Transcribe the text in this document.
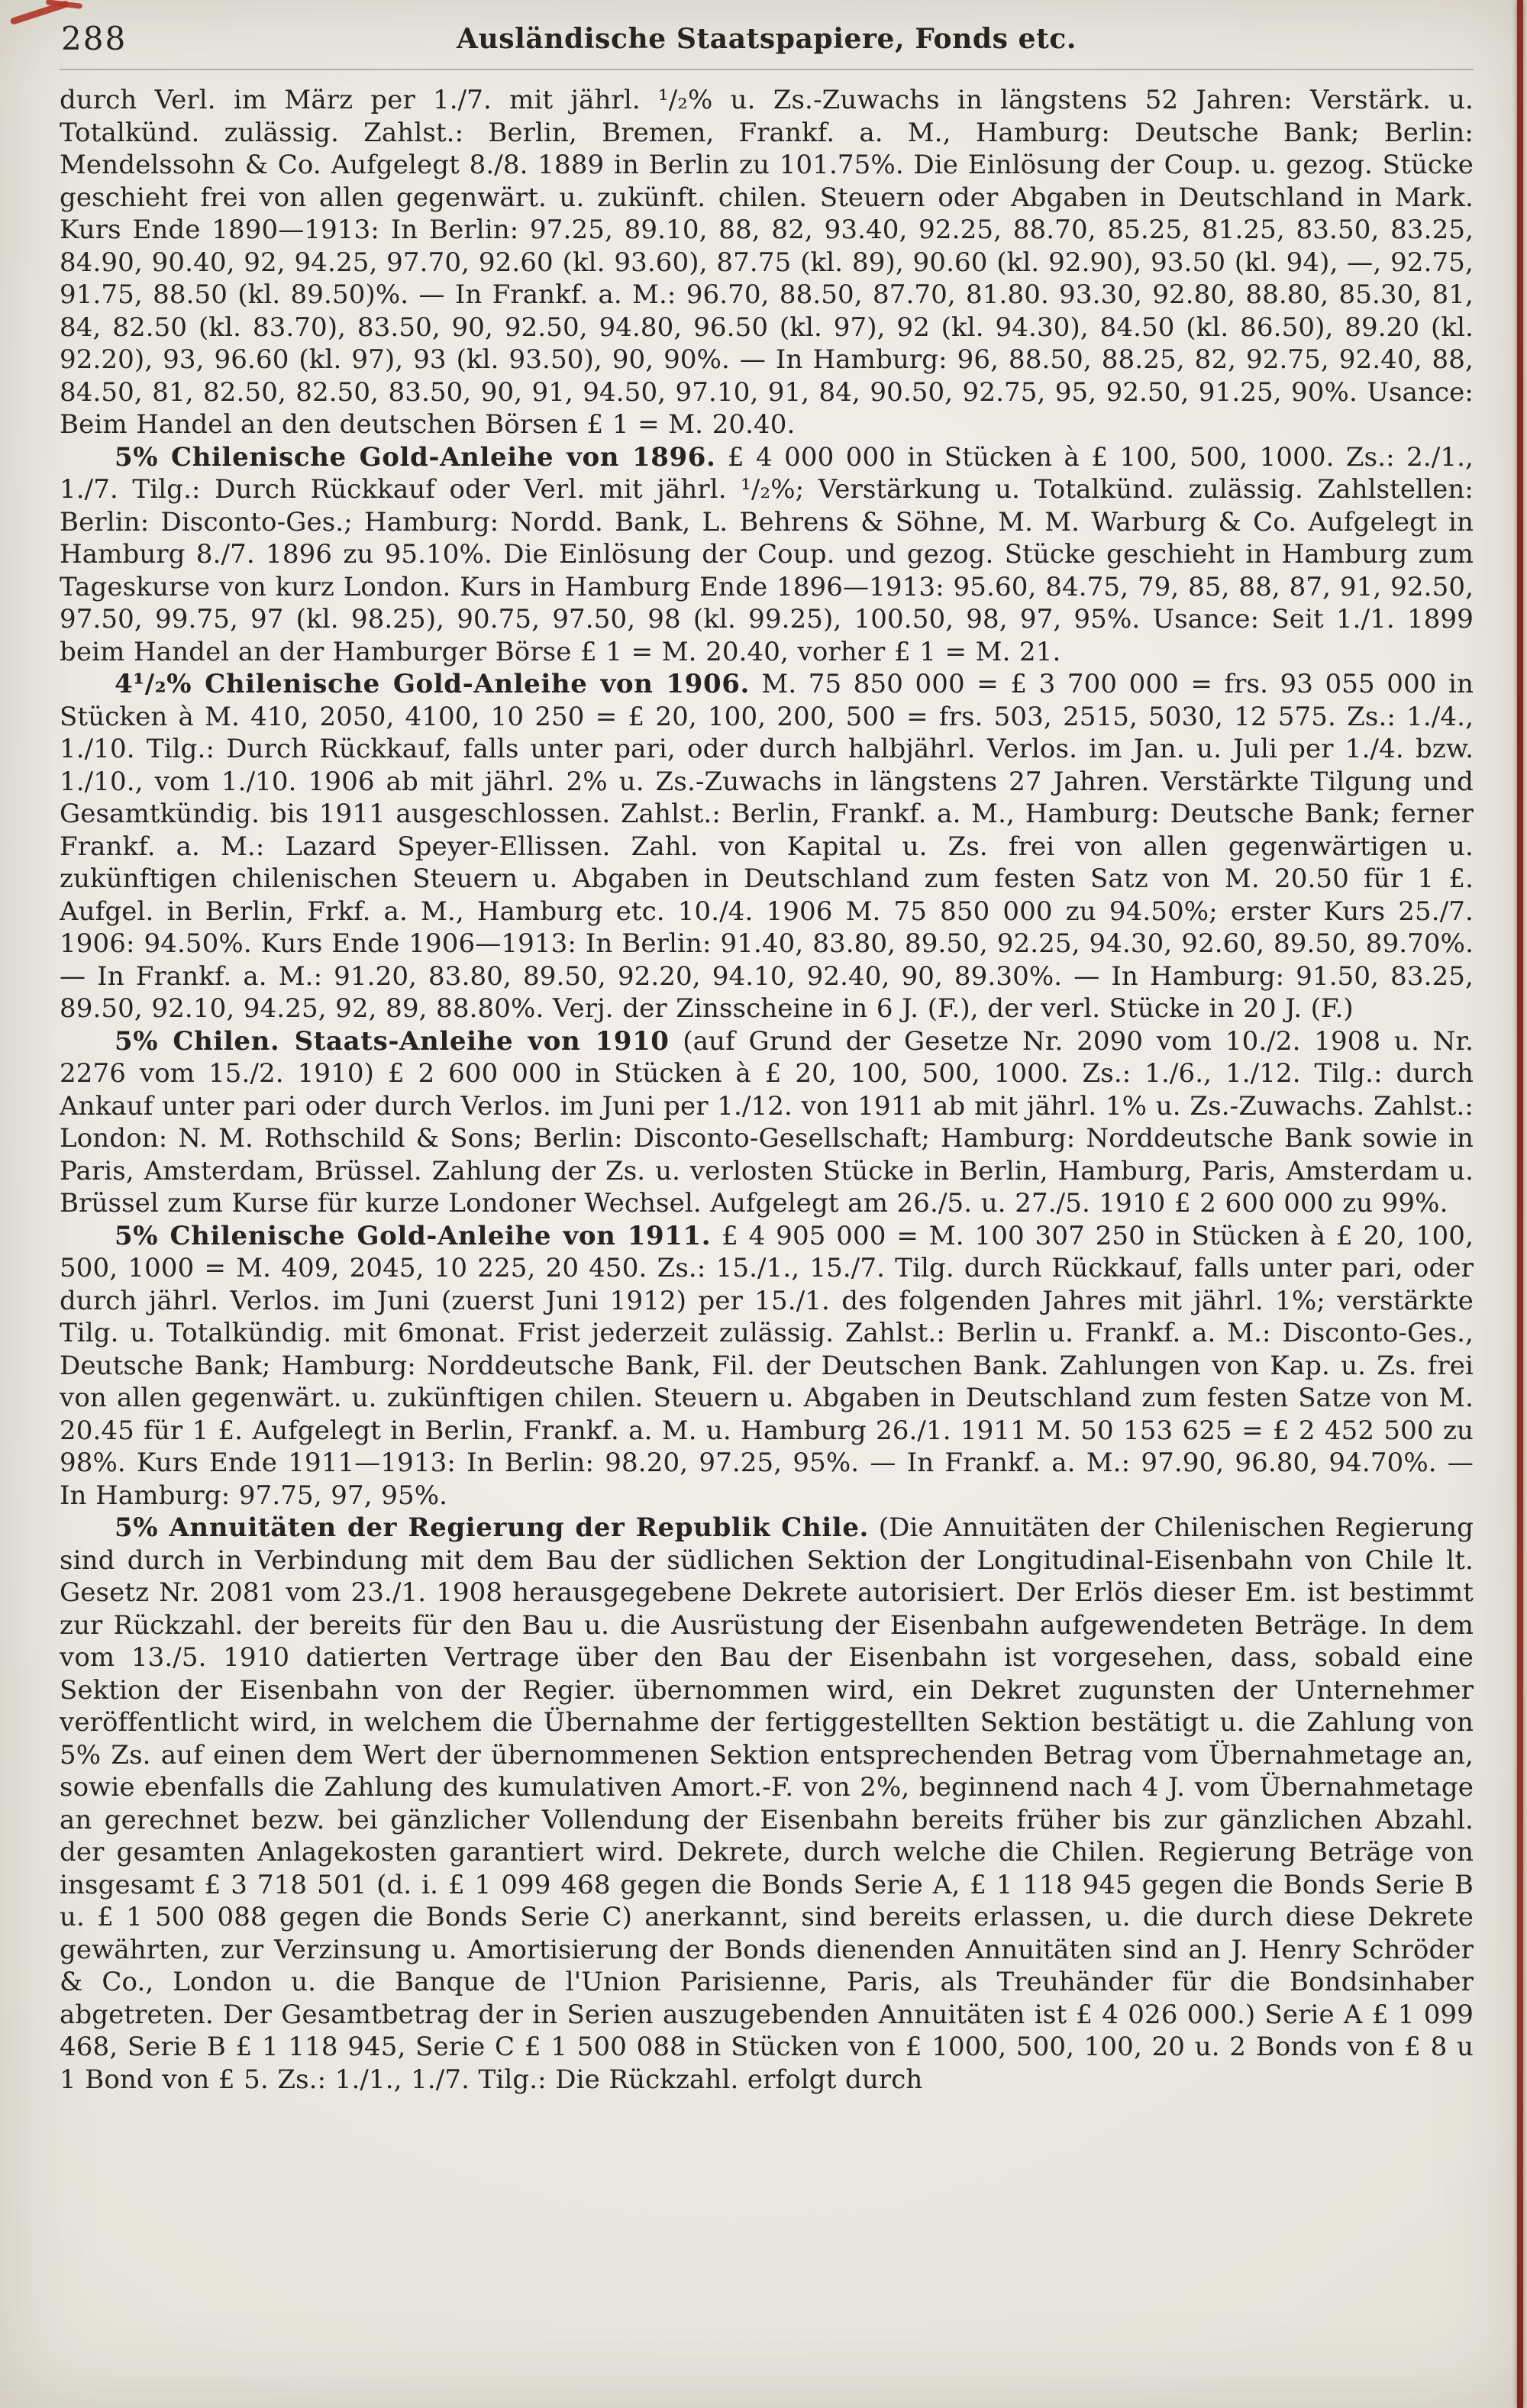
288	Ausländische Staatspapiere, Fonds etc.

durch Verl. im März per 1./7. mit jährl. ¹/₂% u. Zs.-Zuwachs in längstens 52 Jahren: Verstärk. u. Totalkünd. zulässig. Zahlst.: Berlin, Bremen, Frankf. a. M., Hamburg: Deutsche Bank; Berlin: Mendelssohn & Co. Aufgelegt 8./8. 1889 in Berlin zu 101.75%. Die Einlösung der Coup. u. gezog. Stücke geschieht frei von allen gegenwärt. u. zukünft. chilen. Steuern oder Abgaben in Deutschland in Mark. Kurs Ende 1890—1913: In Berlin: 97.25, 89.10, 88, 82, 93.40, 92.25, 88.70, 85.25, 81.25, 83.50, 83.25, 84.90, 90.40, 92, 94.25, 97.70, 92.60 (kl. 93.60), 87.75 (kl. 89), 90.60 (kl. 92.90), 93.50 (kl. 94), —, 92.75, 91.75, 88.50 (kl. 89.50)%. — In Frankf. a. M.: 96.70, 88.50, 87.70, 81.80. 93.30, 92.80, 88.80, 85.30, 81, 84, 82.50 (kl. 83.70), 83.50, 90, 92.50, 94.80, 96.50 (kl. 97), 92 (kl. 94.30), 84.50 (kl. 86.50), 89.20 (kl. 92.20), 93, 96.60 (kl. 97), 93 (kl. 93.50), 90, 90%. — In Hamburg: 96, 88.50, 88.25, 82, 92.75, 92.40, 88, 84.50, 81, 82.50, 82.50, 83.50, 90, 91, 94.50, 97.10, 91, 84, 90.50, 92.75, 95, 92.50, 91.25, 90%. Usance: Beim Handel an den deutschen Börsen £ 1 = M. 20.40.

5% Chilenische Gold-Anleihe von 1896. £ 4 000 000 in Stücken à £ 100, 500, 1000. Zs.: 2./1., 1./7. Tilg.: Durch Rückkauf oder Verl. mit jährl. ¹/₂%; Verstärkung u. Totalkünd. zulässig. Zahlstellen: Berlin: Disconto-Ges.; Hamburg: Nordd. Bank, L. Behrens & Söhne, M. M. Warburg & Co. Aufgelegt in Hamburg 8./7. 1896 zu 95.10%. Die Einlösung der Coup. und gezog. Stücke geschieht in Hamburg zum Tageskurse von kurz London. Kurs in Hamburg Ende 1896—1913: 95.60, 84.75, 79, 85, 88, 87, 91, 92.50, 97.50, 99.75, 97 (kl. 98.25), 90.75, 97.50, 98 (kl. 99.25), 100.50, 98, 97, 95%. Usance: Seit 1./1. 1899 beim Handel an der Hamburger Börse £ 1 = M. 20.40, vorher £ 1 = M. 21.

4¹/₂% Chilenische Gold-Anleihe von 1906. M. 75 850 000 = £ 3 700 000 = frs. 93 055 000 in Stücken à M. 410, 2050, 4100, 10 250 = £ 20, 100, 200, 500 = frs. 503, 2515, 5030, 12 575. Zs.: 1./4., 1./10. Tilg.: Durch Rückkauf, falls unter pari, oder durch halbjährl. Verlos. im Jan. u. Juli per 1./4. bzw. 1./10., vom 1./10. 1906 ab mit jährl. 2% u. Zs.-Zuwachs in längstens 27 Jahren. Verstärkte Tilgung und Gesamtkündig. bis 1911 ausgeschlossen. Zahlst.: Berlin, Frankf. a. M., Hamburg: Deutsche Bank; ferner Frankf. a. M.: Lazard Speyer-Ellissen. Zahl. von Kapital u. Zs. frei von allen gegenwärtigen u. zukünftigen chilenischen Steuern u. Abgaben in Deutschland zum festen Satz von M. 20.50 für 1 £. Aufgel. in Berlin, Frkf. a. M., Hamburg etc. 10./4. 1906 M. 75 850 000 zu 94.50%; erster Kurs 25./7. 1906: 94.50%. Kurs Ende 1906—1913: In Berlin: 91.40, 83.80, 89.50, 92.25, 94.30, 92.60, 89.50, 89.70%. — In Frankf. a. M.: 91.20, 83.80, 89.50, 92.20, 94.10, 92.40, 90, 89.30%. — In Hamburg: 91.50, 83.25, 89.50, 92.10, 94.25, 92, 89, 88.80%. Verj. der Zinsscheine in 6 J. (F.), der verl. Stücke in 20 J. (F.)

5% Chilen. Staats-Anleihe von 1910 (auf Grund der Gesetze Nr. 2090 vom 10./2. 1908 u. Nr. 2276 vom 15./2. 1910) £ 2 600 000 in Stücken à £ 20, 100, 500, 1000. Zs.: 1./6., 1./12. Tilg.: durch Ankauf unter pari oder durch Verlos. im Juni per 1./12. von 1911 ab mit jährl. 1% u. Zs.-Zuwachs. Zahlst.: London: N. M. Rothschild & Sons; Berlin: Disconto-Gesellschaft; Hamburg: Norddeutsche Bank sowie in Paris, Amsterdam, Brüssel. Zahlung der Zs. u. verlosten Stücke in Berlin, Hamburg, Paris, Amsterdam u. Brüssel zum Kurse für kurze Londoner Wechsel. Aufgelegt am 26./5. u. 27./5. 1910 £ 2 600 000 zu 99%.

5% Chilenische Gold-Anleihe von 1911. £ 4 905 000 = M. 100 307 250 in Stücken à £ 20, 100, 500, 1000 = M. 409, 2045, 10 225, 20 450. Zs.: 15./1., 15./7. Tilg. durch Rückkauf, falls unter pari, oder durch jährl. Verlos. im Juni (zuerst Juni 1912) per 15./1. des folgenden Jahres mit jährl. 1%; verstärkte Tilg. u. Totalkündig. mit 6monat. Frist jederzeit zulässig. Zahlst.: Berlin u. Frankf. a. M.: Disconto-Ges., Deutsche Bank; Hamburg: Norddeutsche Bank, Fil. der Deutschen Bank. Zahlungen von Kap. u. Zs. frei von allen gegenwärt. u. zukünftigen chilen. Steuern u. Abgaben in Deutschland zum festen Satze von M. 20.45 für 1 £. Aufgelegt in Berlin, Frankf. a. M. u. Hamburg 26./1. 1911 M. 50 153 625 = £ 2 452 500 zu 98%. Kurs Ende 1911—1913: In Berlin: 98.20, 97.25, 95%. — In Frankf. a. M.: 97.90, 96.80, 94.70%. — In Hamburg: 97.75, 97, 95%.

5% Annuitäten der Regierung der Republik Chile. (Die Annuitäten der Chilenischen Regierung sind durch in Verbindung mit dem Bau der südlichen Sektion der Longitudinal-Eisenbahn von Chile lt. Gesetz Nr. 2081 vom 23./1. 1908 herausgegebene Dekrete autorisiert. Der Erlös dieser Em. ist bestimmt zur Rückzahl. der bereits für den Bau u. die Ausrüstung der Eisenbahn aufgewendeten Beträge. In dem vom 13./5. 1910 datierten Vertrage über den Bau der Eisenbahn ist vorgesehen, dass, sobald eine Sektion der Eisenbahn von der Regier. übernommen wird, ein Dekret zugunsten der Unternehmer veröffentlicht wird, in welchem die Übernahme der fertiggestellten Sektion bestätigt u. die Zahlung von 5% Zs. auf einen dem Wert der übernommenen Sektion entsprechenden Betrag vom Übernahmetage an, sowie ebenfalls die Zahlung des kumulativen Amort.-F. von 2%, beginnend nach 4 J. vom Übernahmetage an gerechnet bezw. bei gänzlicher Vollendung der Eisenbahn bereits früher bis zur gänzlichen Abzahl. der gesamten Anlagekosten garantiert wird. Dekrete, durch welche die Chilen. Regierung Beträge von insgesamt £ 3 718 501 (d. i. £ 1 099 468 gegen die Bonds Serie A, £ 1 118 945 gegen die Bonds Serie B u. £ 1 500 088 gegen die Bonds Serie C) anerkannt, sind bereits erlassen, u. die durch diese Dekrete gewährten, zur Verzinsung u. Amortisierung der Bonds dienenden Annuitäten sind an J. Henry Schröder & Co., London u. die Banque de l'Union Parisienne, Paris, als Treuhänder für die Bondsinhaber abgetreten. Der Gesamtbetrag der in Serien auszugebenden Annuitäten ist £ 4 026 000.) Serie A £ 1 099 468, Serie B £ 1 118 945, Serie C £ 1 500 088 in Stücken von £ 1000, 500, 100, 20 u. 2 Bonds von £ 8 u 1 Bond von £ 5. Zs.: 1./1., 1./7. Tilg.: Die Rückzahl. erfolgt durch
